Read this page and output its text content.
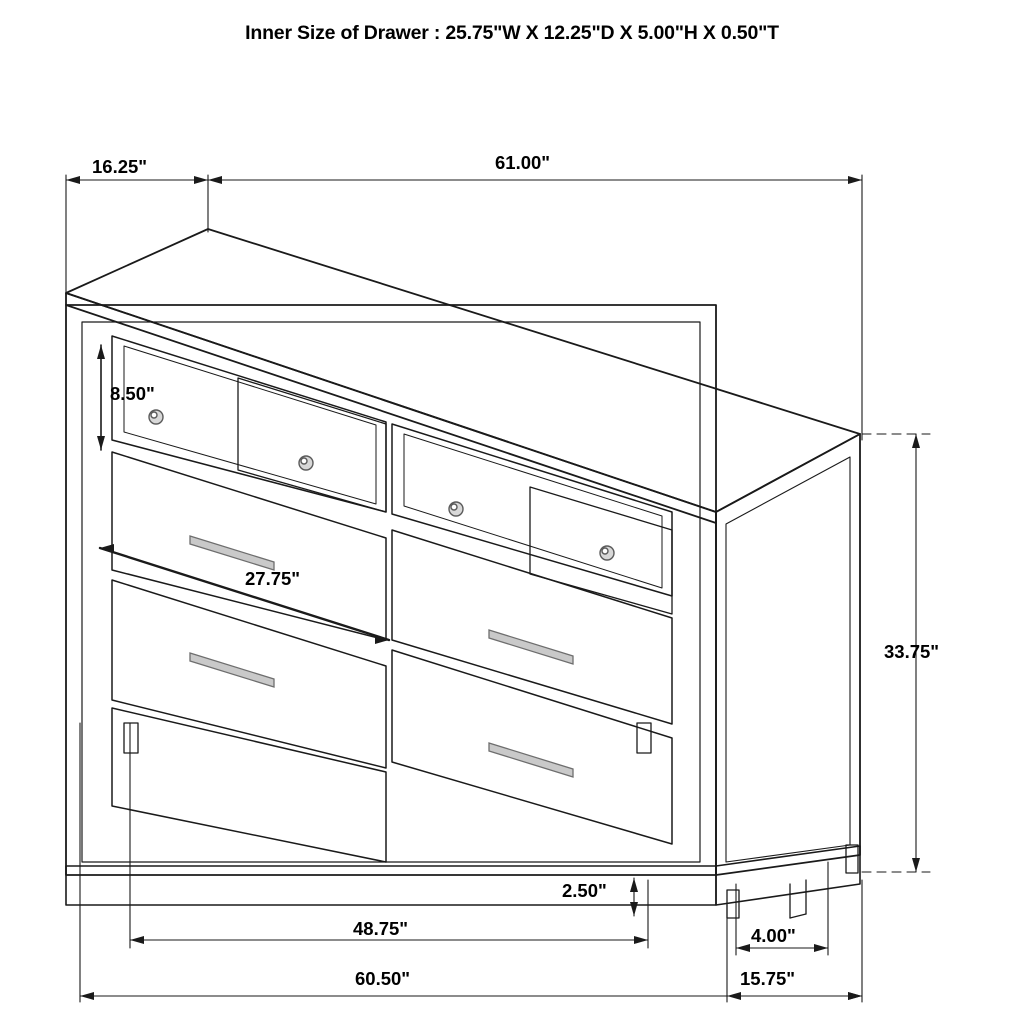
Inner Size of Drawer : 25.75"W X 12.25"D X 5.00"H X 0.50"T
16.25"	61.00"
8.50"
27.75"
33.75"
2.50"
4.00"
48.75"
60.50"	15.75"
